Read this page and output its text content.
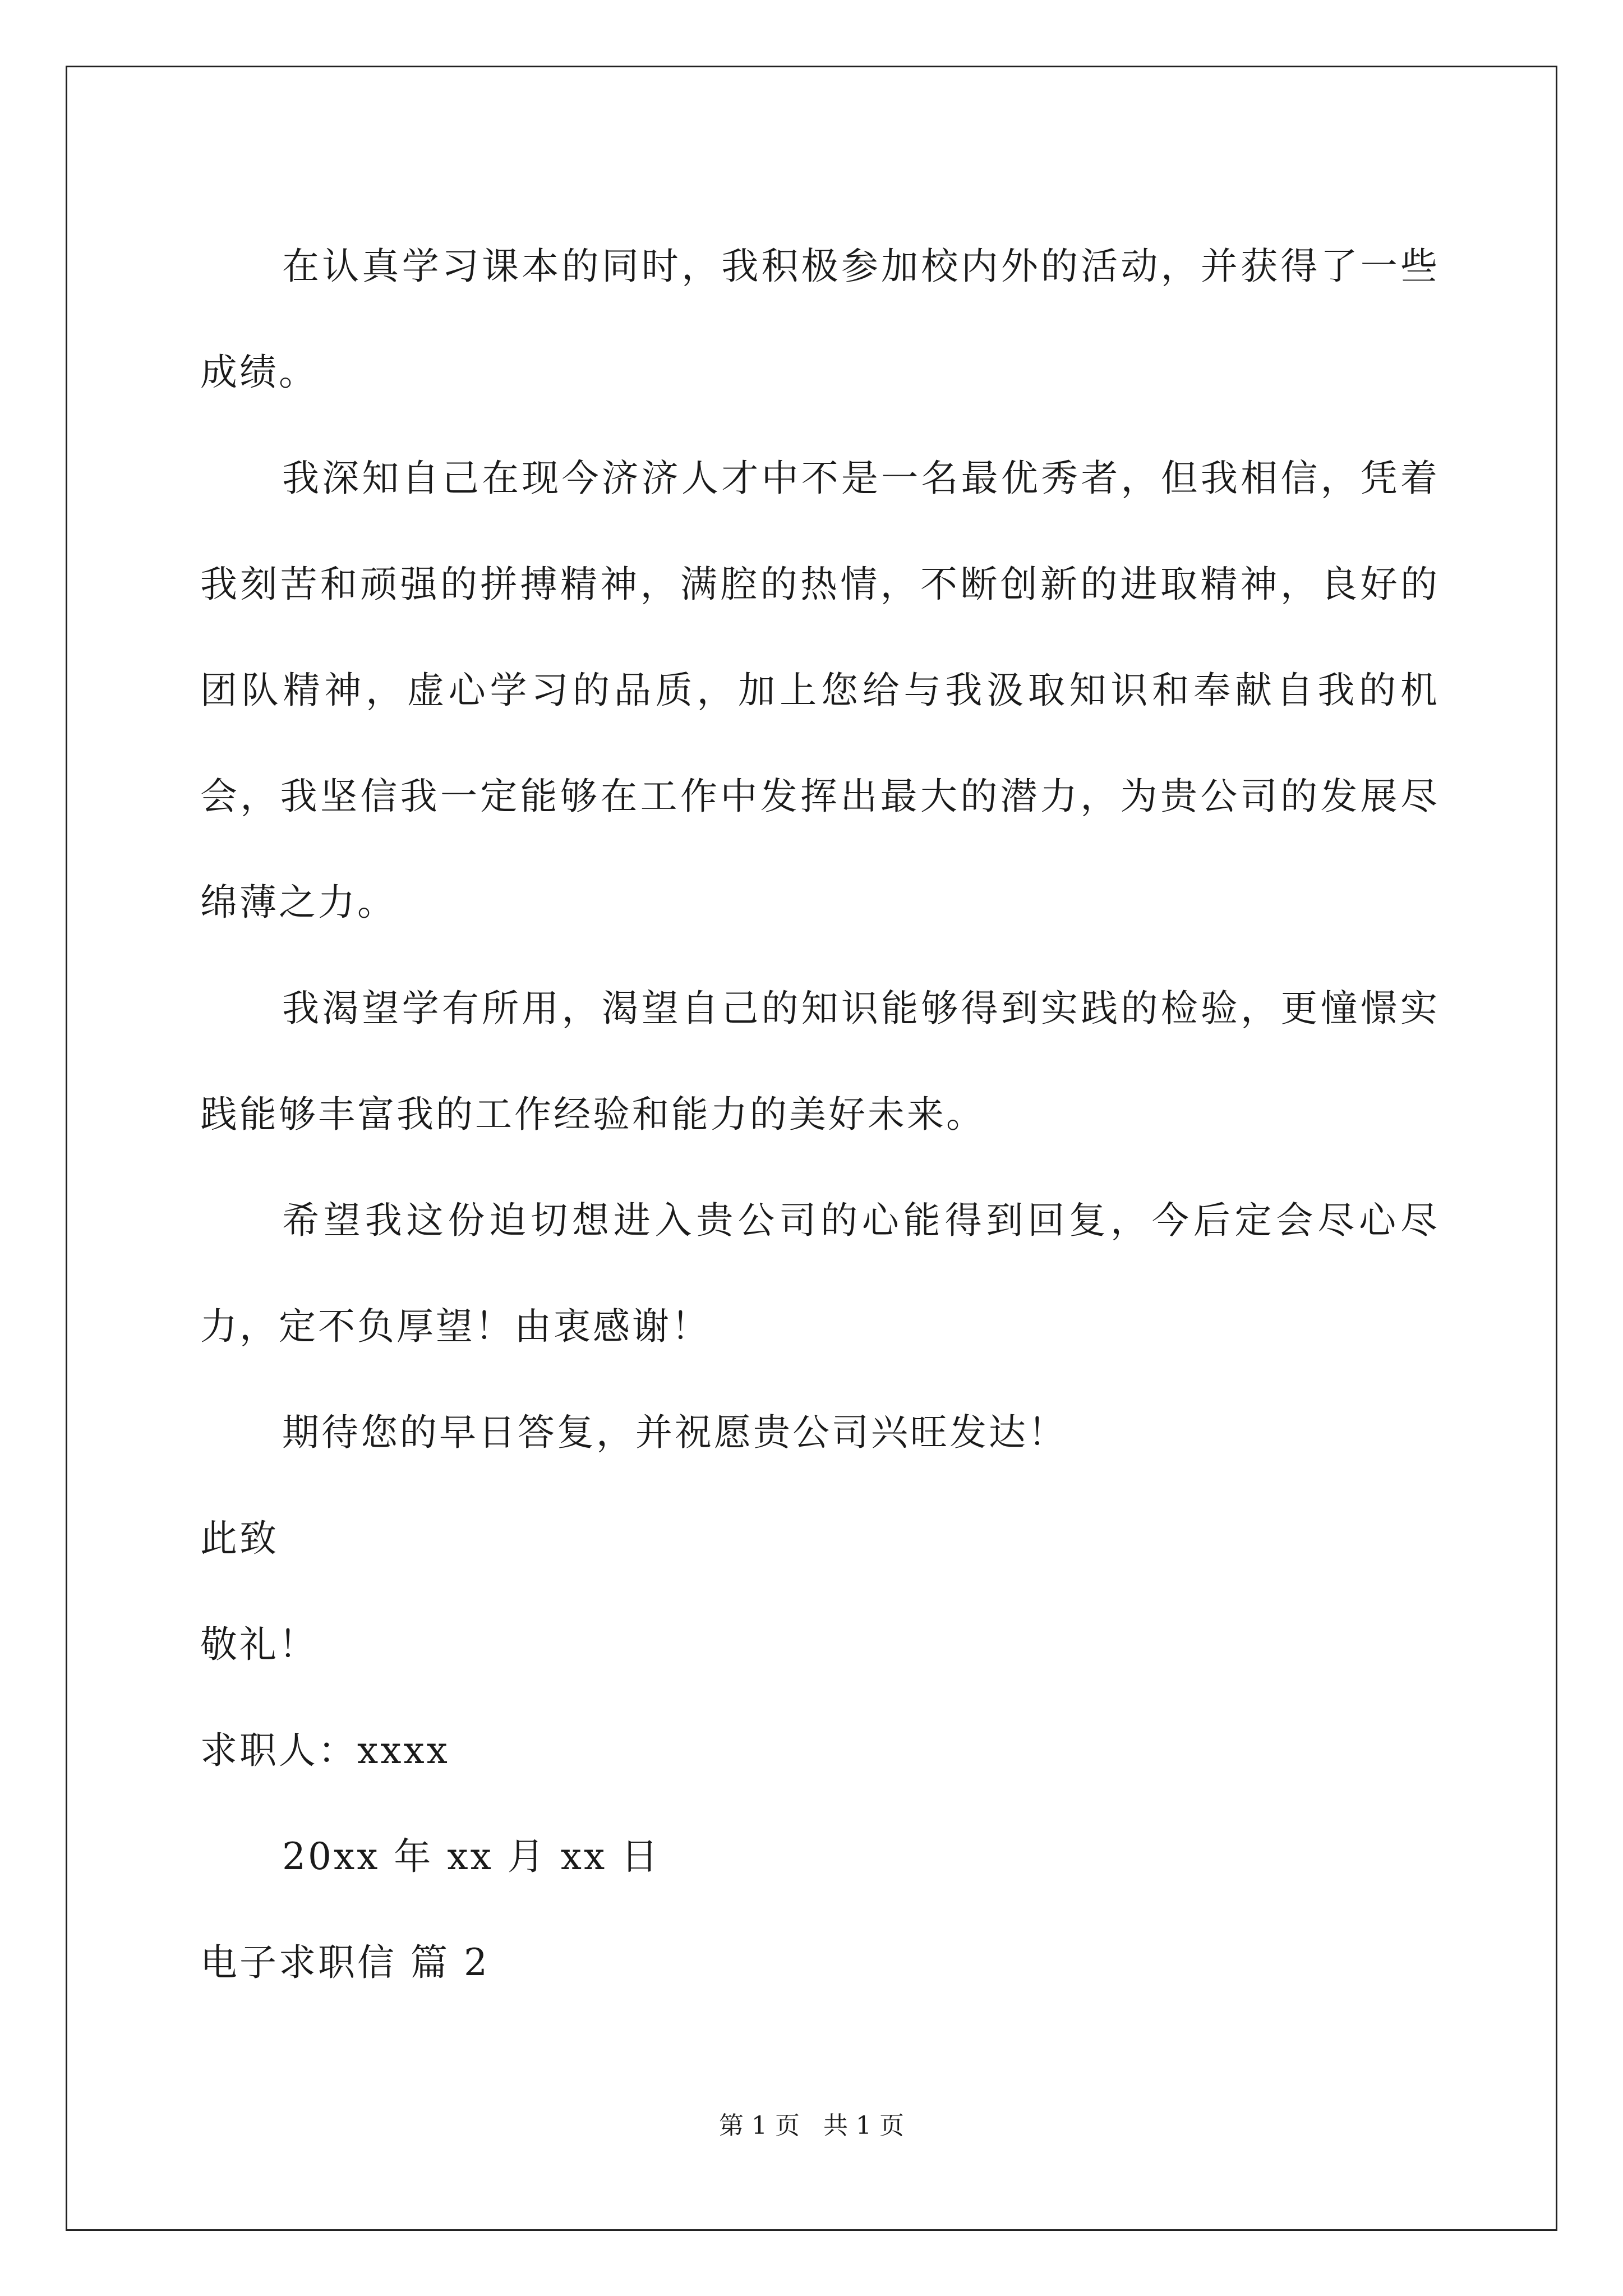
在认真学习课本的同时，我积极参加校内外的活动，并获得了一些成绩。

我深知自己在现今济济人才中不是一名最优秀者，但我相信，凭着我刻苦和顽强的拼搏精神，满腔的热情，不断创新的进取精神，良好的团队精神，虚心学习的品质，加上您给与我汲取知识和奉献自我的机会，我坚信我一定能够在工作中发挥出最大的潜力，为贵公司的发展尽绵薄之力。

我渴望学有所用，渴望自己的知识能够得到实践的检验，更憧憬实践能够丰富我的工作经验和能力的美好未来。

希望我这份迫切想进入贵公司的心能得到回复，今后定会尽心尽力，定不负厚望！由衷感谢！

期待您的早日答复，并祝愿贵公司兴旺发达！

此致

敬礼！

求职人：xxxx

20xx 年 xx 月 xx 日

电子求职信 篇 2

第 1 页   共 1 页
